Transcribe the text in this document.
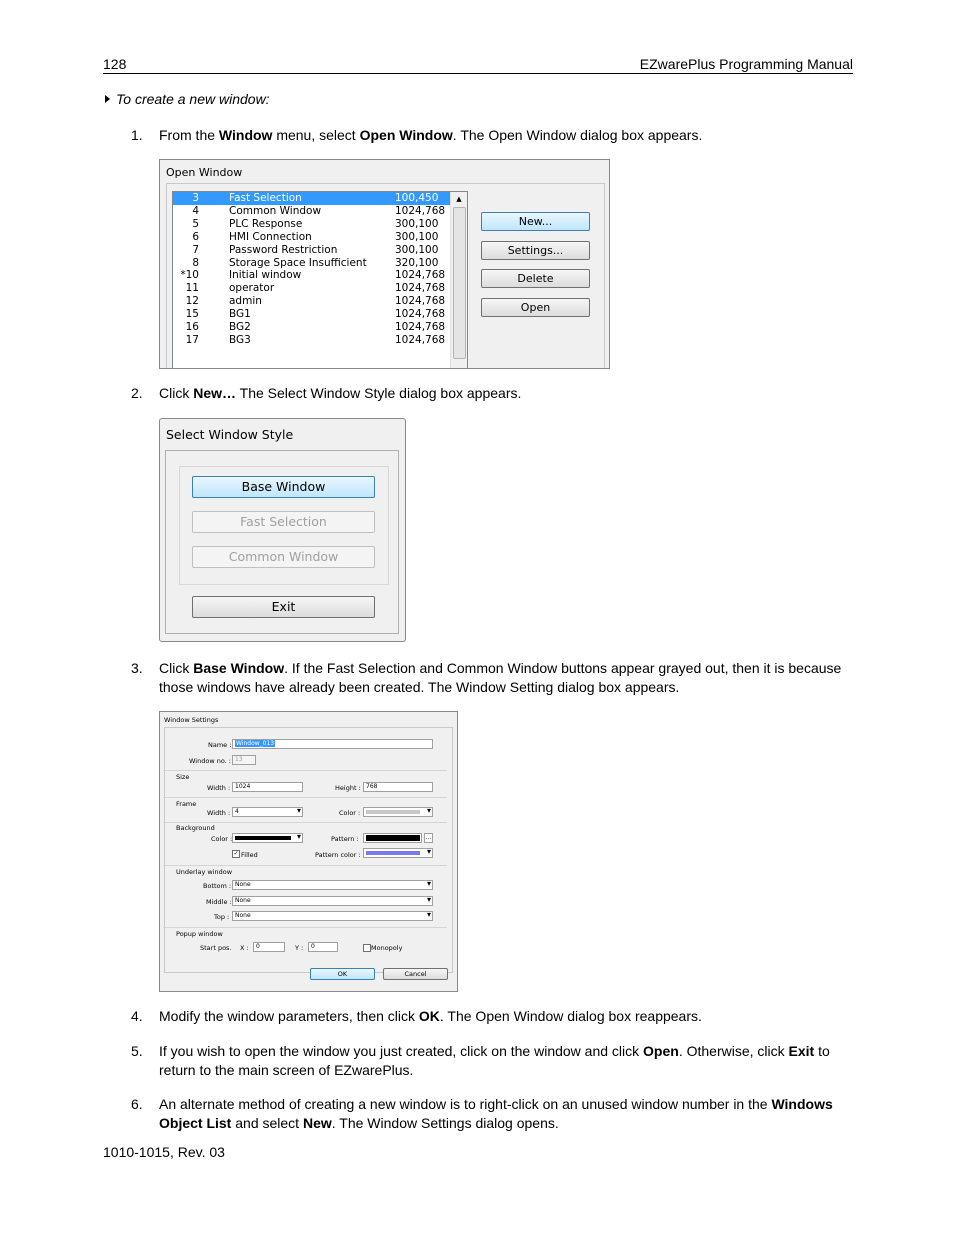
128	EZwarePlus Programming Manual
To create a new window:
1. From the Window menu, select Open Window. The Open Window dialog box appears.
Open Window
3	Fast Selection	100,450
4	Common Window	1024,768
5	PLC Response	300,100
6	HMI Connection	300,100
7	Password Restriction	300,100
8	Storage Space Insufficient	320,100
*10	Initial window	1024,768
11	operator	1024,768
12	admin	1024,768
15	BG1	1024,768
16	BG2	1024,768
17	BG3	1024,768
▲
New...
Settings...
Delete
Open
2. Click New… The Select Window Style dialog box appears.
Select Window Style
Base Window
Fast Selection
Common Window
Exit
3. Click Base Window. If the Fast Selection and Common Window buttons appear grayed out, then it is because those windows have already been created. The Window Setting dialog box appears.
Window Settings
Name : Window_013
Window no. : 13
Size
Width : 1024	Height : 768
Frame
Width : 4 ▾	Color :
▾
Background
Color :
▾	Pattern :	…
✓ Filled	Pattern color :
▾
Underlay window
Bottom : None ▾
Middle : None ▾
Top : None ▾
Popup window
Start pos. X :	0	Y :	0	Monopoly
OK	Cancel
4. Modify the window parameters, then click OK. The Open Window dialog box reappears.
5. If you wish to open the window you just created, click on the window and click Open. Otherwise, click Exit to return to the main screen of EZwarePlus.
6. An alternate method of creating a new window is to right-click on an unused window number in the Windows Object List and select New. The Window Settings dialog opens.
1010-1015, Rev. 03
